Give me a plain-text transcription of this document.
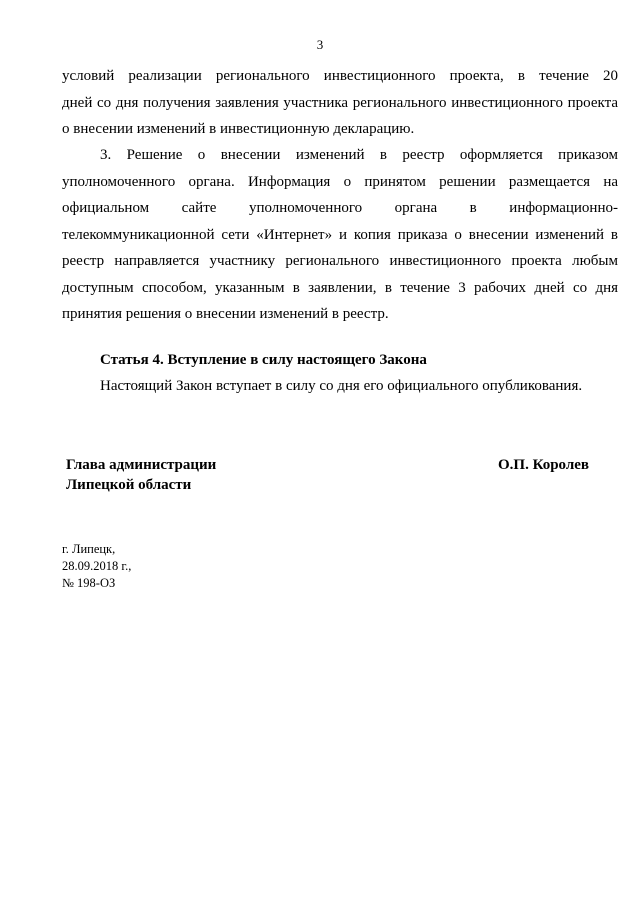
3
условий реализации регионального инвестиционного проекта, в течение 20
дней со дня получения заявления участника регионального инвестиционного проекта
о внесении изменений в инвестиционную декларацию.
3. Решение о внесении изменений в реестр оформляется приказом
уполномоченного органа. Информация о принятом решении размещается на
официальном сайте уполномоченного органа в информационно-
телекоммуникационной сети «Интернет» и копия приказа о внесении изменений в
реестр направляется участнику регионального инвестиционного проекта любым
доступным способом, указанным в заявлении, в течение 3 рабочих дней со дня
принятия решения о внесении изменений в реестр.
Статья 4. Вступление в силу настоящего Закона
Настоящий Закон вступает в силу со дня его официального опубликования.
Глава администрации
Липецкой области
О.П. Королев
г. Липецк,
28.09.2018 г.,
№ 198-ОЗ
